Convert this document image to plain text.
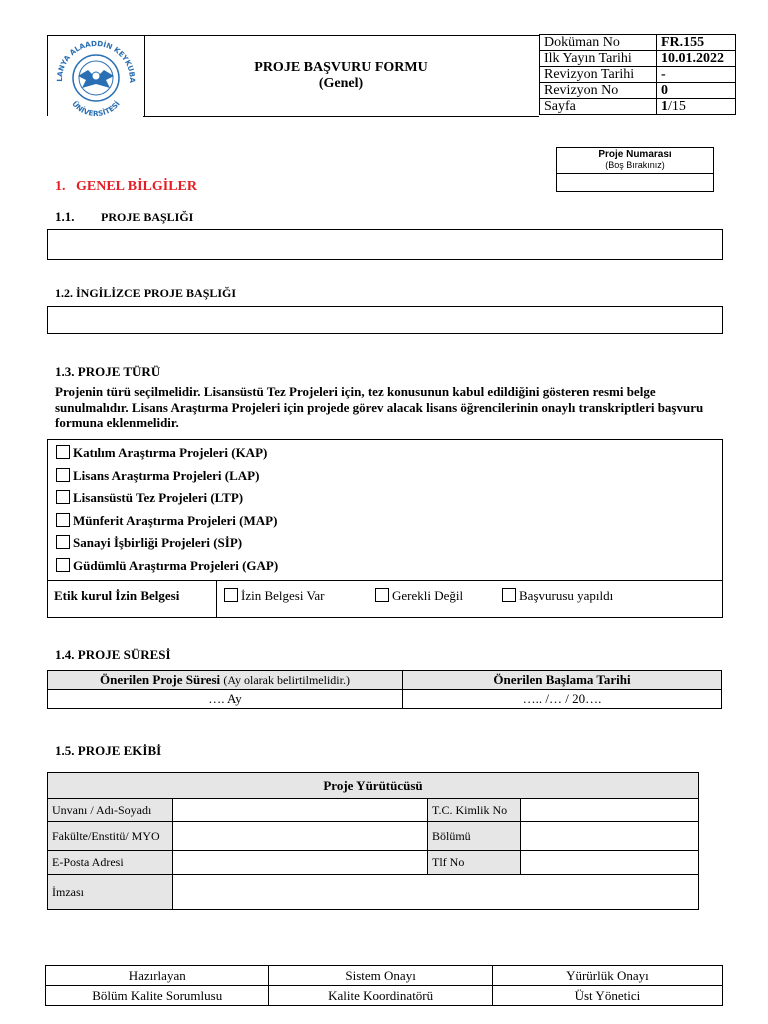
LANYA ALAADDİN KEYKUBA
ÜNİVERSİTESİ
PROJE BAŞVURU FORMU
(Genel)
Doküman No	FR.155
Ilk Yayın Tarihi	10.01.2022
Revizyon Tarihi	-
Revizyon No	0
Sayfa	1/15
Proje Numarası
(Boş Bırakınız)
1.   GENEL BİLGİLER
1.1. PROJE BAŞLIĞI
1.2. İNGİLİZCE PROJE BAŞLIĞI
1.3. PROJE TÜRÜ
Projenin türü seçilmelidir. Lisansüstü Tez Projeleri için, tez konusunun kabul edildiğini gösteren resmi belge sunulmalıdır. Lisans Araştırma Projeleri için projede görev alacak lisans öğrencilerinin onaylı transkriptleri başvuru formuna eklenmelidir.
Katılım Araştırma Projeleri (KAP)
Lisans Araştırma Projeleri (LAP)
Lisansüstü Tez Projeleri (LTP)
Münferit Araştırma Projeleri (MAP)
Sanayi İşbirliği Projeleri (SİP)
Güdümlü Araştırma Projeleri (GAP)
Etik kurul İzin Belgesi	İzin Belgesi Var	Gerekli Değil	Başvurusu yapıldı
1.4. PROJE SÜRESİ
Önerilen Proje Süresi (Ay olarak belirtilmelidir.)	Önerilen Başlama Tarihi
…. Ay	….. /… / 20….
1.5. PROJE EKİBİ
Proje Yürütücüsü			
Unvanı / Adı-Soyadı		T.C. Kimlik No	
Fakülte/Enstitü/ MYO		Bölümü	
E-Posta Adresi		Tlf No	
İmzası			
Hazırlayan	Sistem Onayı	Yürürlük Onayı
Bölüm Kalite Sorumlusu	Kalite Koordinatörü	Üst Yönetici
